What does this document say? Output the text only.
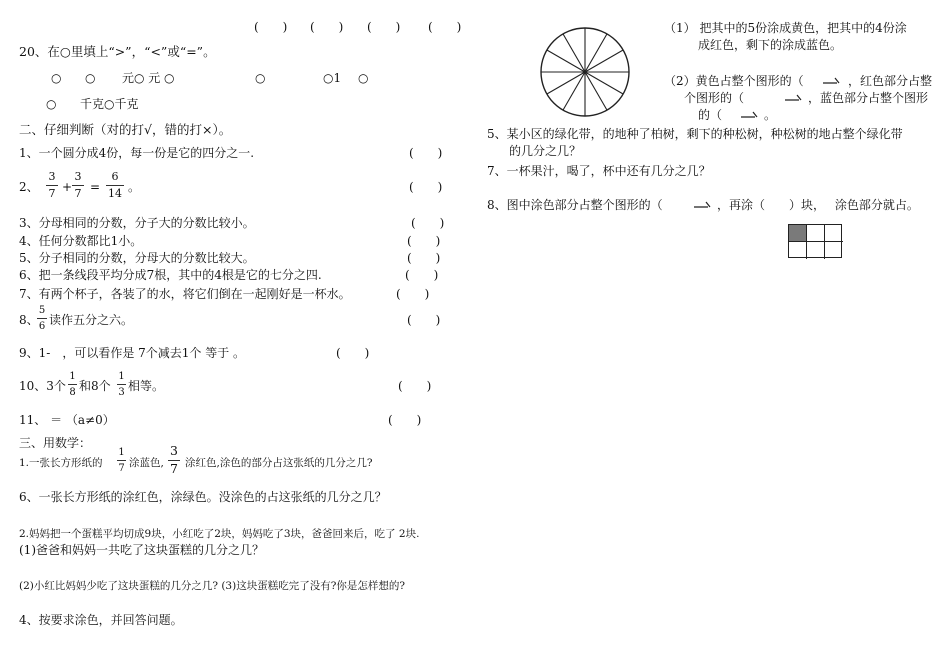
(　　) (　　) (　　) (　　)
20、在○里填上“>”，“<”或“=”。
○ ○ 元○ 元 ○	○	○1 ○
○ 千克○千克
二、仔细判断（对的打√，错的打×）。
1、一个圆分成4份，每一份是它的四分之一.	(　　)
2、
3
7 +
3
7 =
6
14 。	(　　)
3、分母相同的分数，分子大的分数比较小。	(　　)
4、任何分数都比1小。	(　　)
5、分子相同的分数，分母大的分数比较大。	(　　)
6、把一条线段平均分成7根，其中的4根是它的七分之四.	(　　)
7、有两个杯子，各装了的水，将它们倒在一起刚好是一杯水。	(　　)
8、
5
6 读作五分之六。	(　　)
9、1-　，可以看作是 7个减去1个 等于 。	(　　)
10、3个
1
8 和8个
1
3 相等。	(　　)
11、 ＝ （a≠0）	(　　)
三、用数学：
1.一张长方形纸的
1
7 涂蓝色,
3
7 涂红色,涂色的部分占这张纸的几分之几?
6、一张长方形纸的涂红色，涂绿色。没涂色的占这张纸的几分之几？
2.妈妈把一个蛋糕平均切成9块，小红吃了2块，妈妈吃了3块，爸爸回来后，吃了 2块.
(1)爸爸和妈妈一共吃了这块蛋糕的几分之几？
(2)小红比妈妈少吃了这块蛋糕的几分之几? (3)这块蛋糕吃完了没有?你是怎样想的?
4、按要求涂色，并回答问题。
（1） 把其中的5份涂成黄色，把其中的4份涂
成红色，剩下的涂成蓝色。
（2）黄色占整个图形的（	，红色部分占整
个图形的（	，蓝色部分占整个图形
的（	。
5、某小区的绿化带，的地种了柏树，剩下的种松树，种松树的地占整个绿化带
的几分之几？
7、一杯果汁，喝了，杯中还有几分之几？
8、图中涂色部分占整个图形的（	，再涂（　　）块，　 涂色部分就占。
